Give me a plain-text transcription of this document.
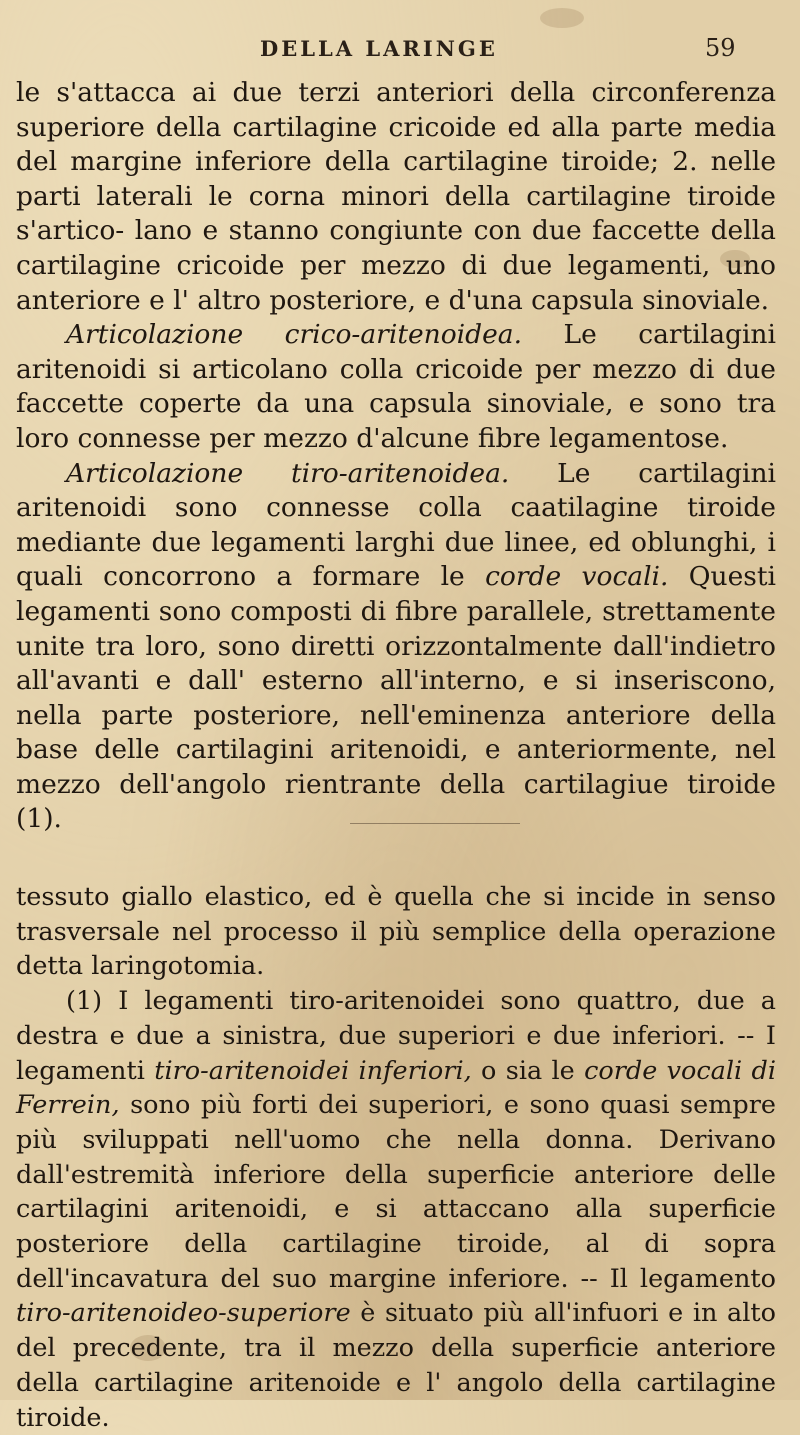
DELLA LARINGE	59

le s'attacca ai due terzi anteriori della circonferenza superiore della cartilagine cricoide ed alla parte media del margine inferiore della cartilagine tiroide; 2. nelle parti laterali le corna minori della cartilagine tiroide s'artico- lano e stanno congiunte con due faccette della cartilagine cricoide per mezzo di due legamenti, uno anteriore e l' altro posteriore, e d'una capsula sinoviale.

Articolazione crico-aritenoidea. Le cartilagini aritenoidi si articolano colla cricoide per mezzo di due faccette coperte da una capsula sinoviale, e sono tra loro connesse per mezzo d'alcune fibre legamentose.

Articolazione tiro-aritenoidea. Le cartilagini aritenoidi sono connesse colla caatilagine tiroide mediante due legamenti larghi due linee, ed oblunghi, i quali concorrono a formare le corde vocali. Questi legamenti sono composti di fibre parallele, strettamente unite tra loro, sono diretti orizzontalmente dall'indietro all'avanti e dall' esterno all'interno, e si inseriscono, nella parte posteriore, nell'eminenza anteriore della base delle cartilagini aritenoidi, e anteriormente, nel mezzo dell'angolo rientrante della cartilagiue tiroide (1).

tessuto giallo elastico, ed è quella che si incide in senso trasversale nel processo il più semplice della operazione detta laringotomia.

(1) I legamenti tiro-aritenoidei sono quattro, due a destra e due a sinistra, due superiori e due inferiori. -- I legamenti tiro-aritenoidei inferiori, o sia le corde vocali di Ferrein, sono più forti dei superiori, e sono quasi sempre più sviluppati nell'uomo che nella donna. Derivano dall'estremità inferiore della superficie anteriore delle cartilagini aritenoidi, e si attaccano alla superficie posteriore della cartilagine tiroide, al di sopra dell'incavatura del suo margine inferiore. -- Il legamento tiro-aritenoideo-superiore è situato più all'infuori e in alto del precedente, tra il mezzo della superficie anteriore della cartilagine aritenoide e l' angolo della cartilagine tiroide.
